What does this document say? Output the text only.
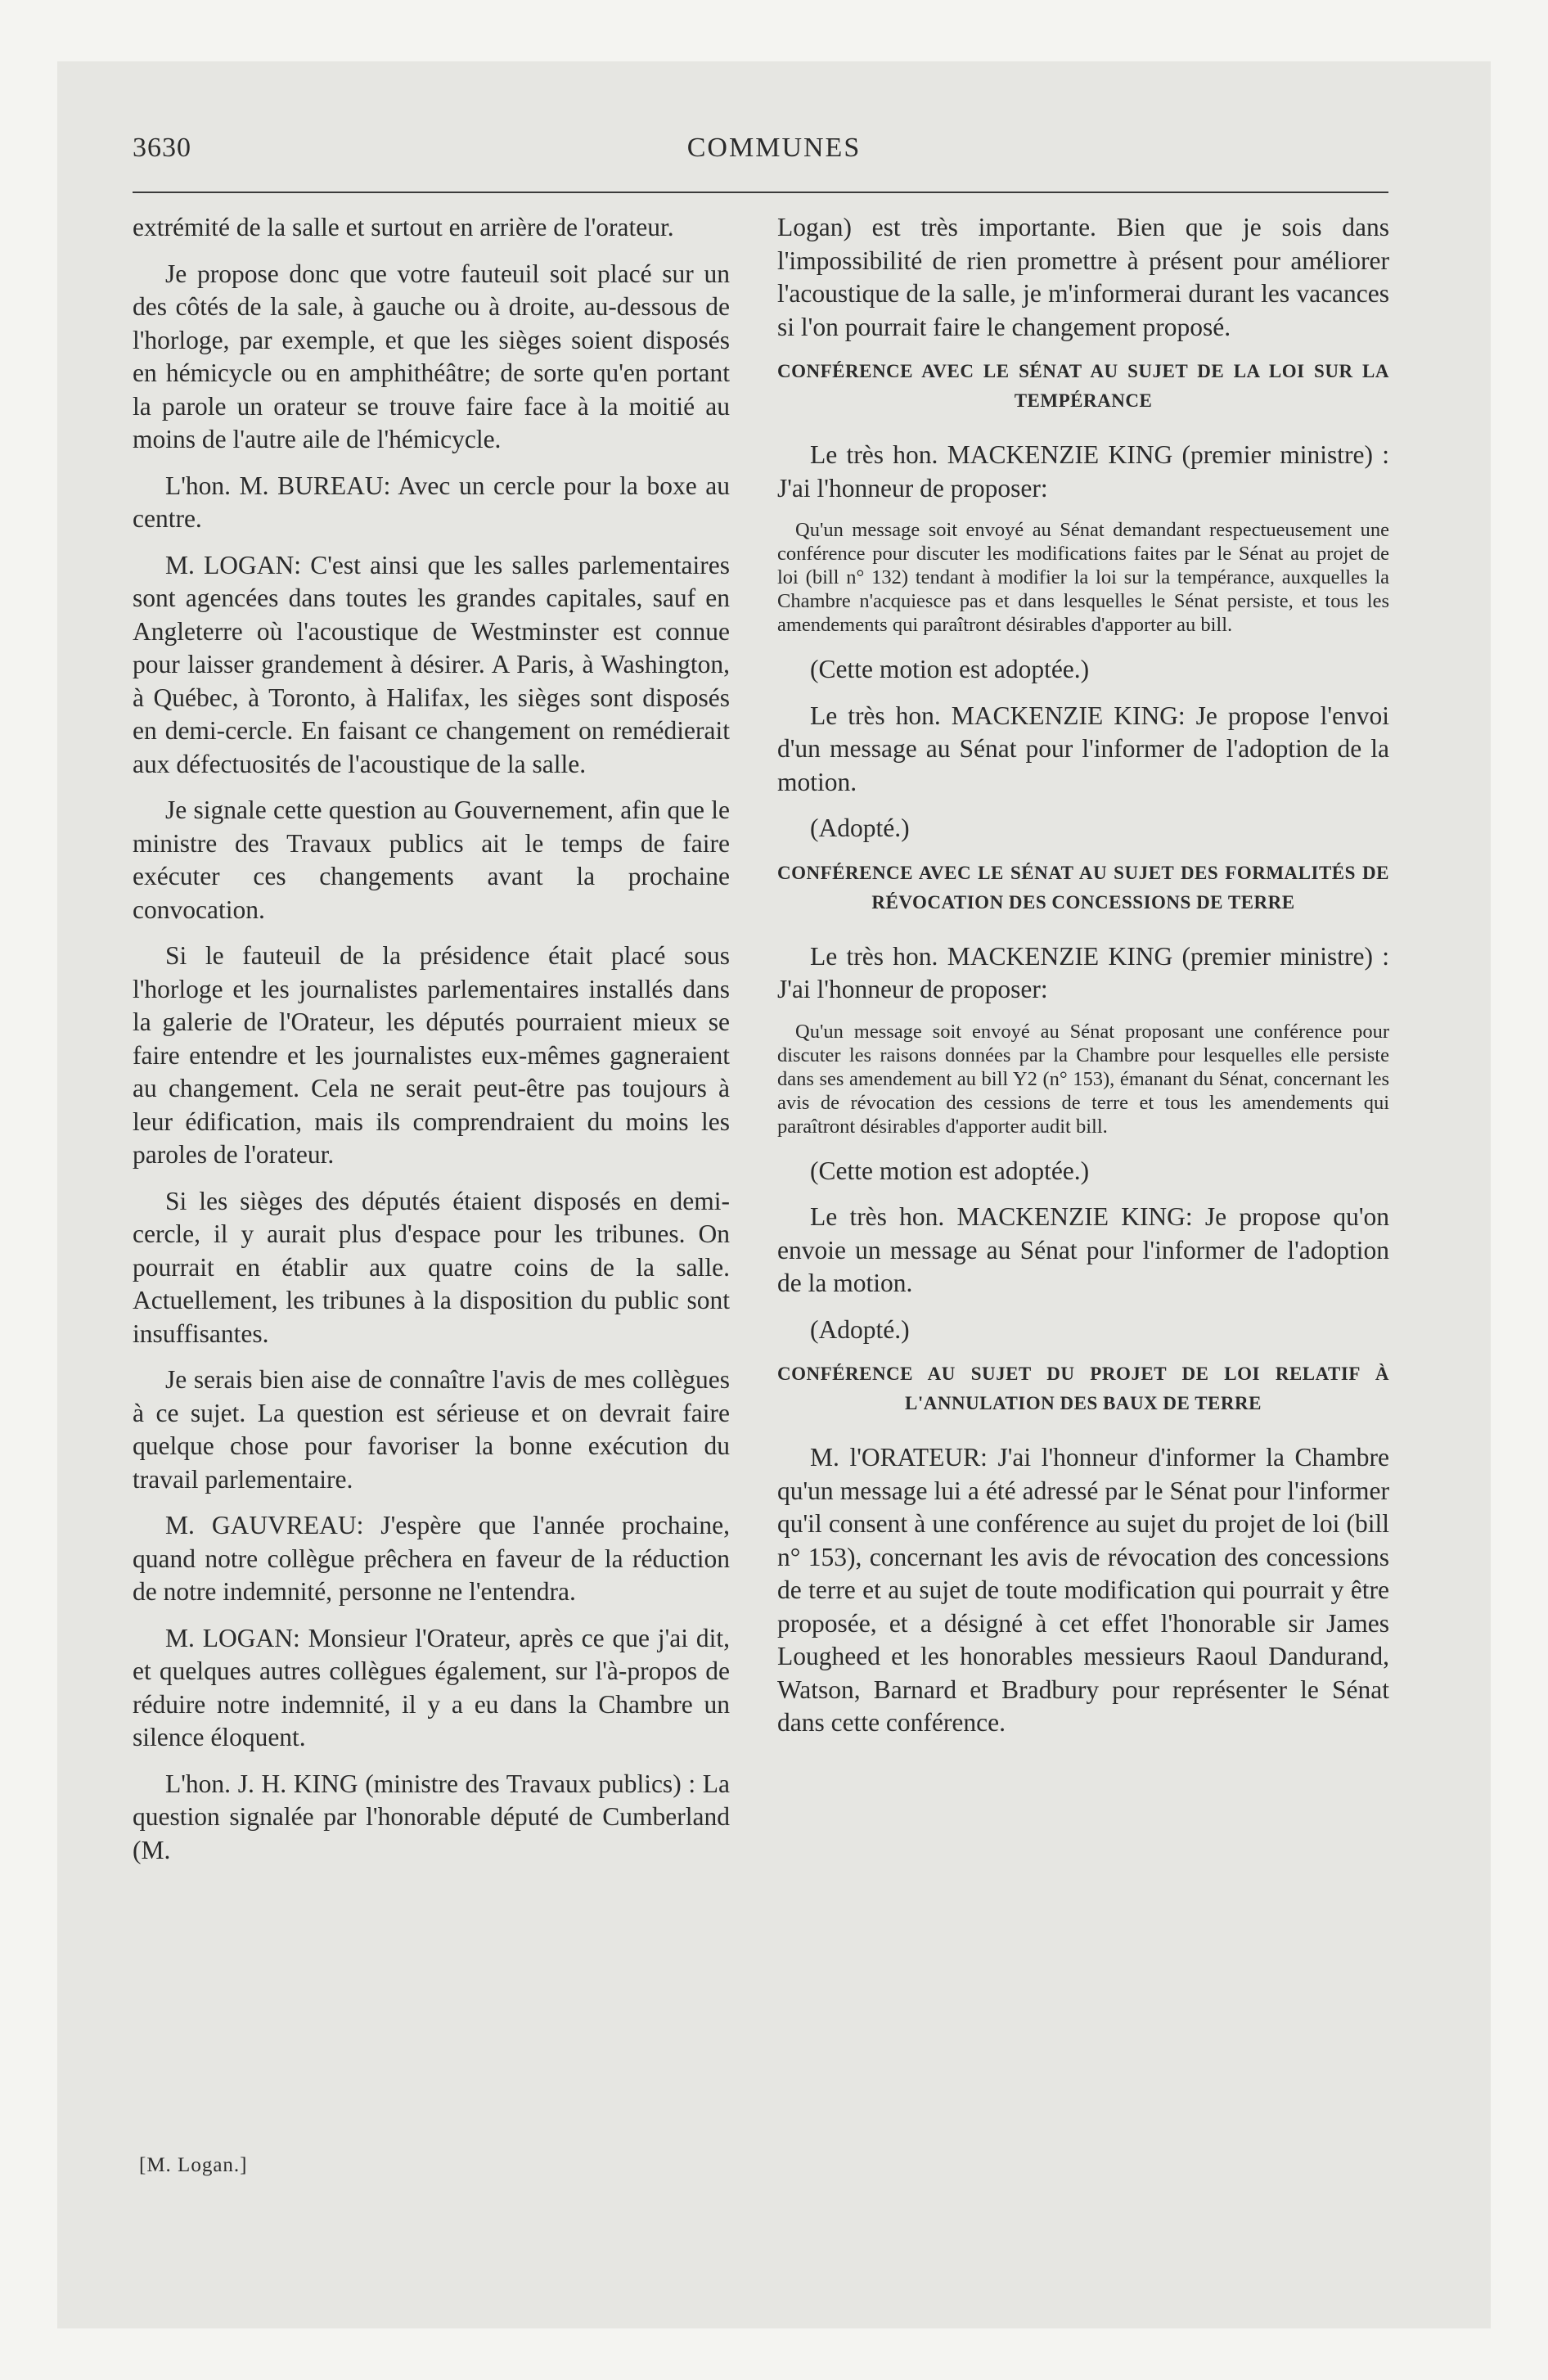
3630	COMMUNES

extrémité de la salle et surtout en arrière de l'orateur.

Je propose donc que votre fauteuil soit placé sur un des côtés de la sale, à gauche ou à droite, au-dessous de l'horloge, par exemple, et que les sièges soient disposés en hémicycle ou en amphithéâtre; de sorte qu'en portant la parole un orateur se trouve faire face à la moitié au moins de l'autre aile de l'hémicycle.

L'hon. M. BUREAU: Avec un cercle pour la boxe au centre.

M. LOGAN: C'est ainsi que les salles parlementaires sont agencées dans toutes les grandes capitales, sauf en Angleterre où l'acoustique de Westminster est connue pour laisser grandement à désirer. A Paris, à Washington, à Québec, à Toronto, à Halifax, les sièges sont disposés en demi-cercle. En faisant ce changement on remédierait aux défectuosités de l'acoustique de la salle.

Je signale cette question au Gouvernement, afin que le ministre des Travaux publics ait le temps de faire exécuter ces changements avant la prochaine convocation.

Si le fauteuil de la présidence était placé sous l'horloge et les journalistes parlementaires installés dans la galerie de l'Orateur, les députés pourraient mieux se faire entendre et les journalistes eux-mêmes gagneraient au changement. Cela ne serait peut-être pas toujours à leur édification, mais ils comprendraient du moins les paroles de l'orateur.

Si les sièges des députés étaient disposés en demi-cercle, il y aurait plus d'espace pour les tribunes. On pourrait en établir aux quatre coins de la salle. Actuellement, les tribunes à la disposition du public sont insuffisantes.

Je serais bien aise de connaître l'avis de mes collègues à ce sujet. La question est sérieuse et on devrait faire quelque chose pour favoriser la bonne exécution du travail parlementaire.

M. GAUVREAU: J'espère que l'année prochaine, quand notre collègue prêchera en faveur de la réduction de notre indemnité, personne ne l'entendra.

M. LOGAN: Monsieur l'Orateur, après ce que j'ai dit, et quelques autres collègues également, sur l'à-propos de réduire notre indemnité, il y a eu dans la Chambre un silence éloquent.

L'hon. J. H. KING (ministre des Travaux publics) : La question signalée par l'honorable député de Cumberland (M.

[M. Logan.]

Logan) est très importante. Bien que je sois dans l'impossibilité de rien promettre à présent pour améliorer l'acoustique de la salle, je m'informerai durant les vacances si l'on pourrait faire le changement proposé.

CONFÉRENCE AVEC LE SÉNAT AU SUJET DE LA LOI SUR LA TEMPÉRANCE

Le très hon. MACKENZIE KING (premier ministre) : J'ai l'honneur de proposer:

Qu'un message soit envoyé au Sénat demandant respectueusement une conférence pour discuter les modifications faites par le Sénat au projet de loi (bill n° 132) tendant à modifier la loi sur la tempérance, auxquelles la Chambre n'acquiesce pas et dans lesquelles le Sénat persiste, et tous les amendements qui paraîtront désirables d'apporter au bill.

(Cette motion est adoptée.)

Le très hon. MACKENZIE KING: Je propose l'envoi d'un message au Sénat pour l'informer de l'adoption de la motion.

(Adopté.)

CONFÉRENCE AVEC LE SÉNAT AU SUJET DES FORMALITÉS DE RÉVOCATION DES CONCESSIONS DE TERRE

Le très hon. MACKENZIE KING (premier ministre) : J'ai l'honneur de proposer:

Qu'un message soit envoyé au Sénat proposant une conférence pour discuter les raisons données par la Chambre pour lesquelles elle persiste dans ses amendement au bill Y2 (n° 153), émanant du Sénat, concernant les avis de révocation des cessions de terre et tous les amendements qui paraîtront désirables d'apporter audit bill.

(Cette motion est adoptée.)

Le très hon. MACKENZIE KING: Je propose qu'on envoie un message au Sénat pour l'informer de l'adoption de la motion.

(Adopté.)

CONFÉRENCE AU SUJET DU PROJET DE LOI RELATIF À L'ANNULATION DES BAUX DE TERRE

M. l'ORATEUR: J'ai l'honneur d'informer la Chambre qu'un message lui a été adressé par le Sénat pour l'informer qu'il consent à une conférence au sujet du projet de loi (bill n° 153), concernant les avis de révocation des concessions de terre et au sujet de toute modification qui pourrait y être proposée, et a désigné à cet effet l'honorable sir James Lougheed et les honorables messieurs Raoul Dandurand, Watson, Barnard et Bradbury pour représenter le Sénat dans cette conférence.
